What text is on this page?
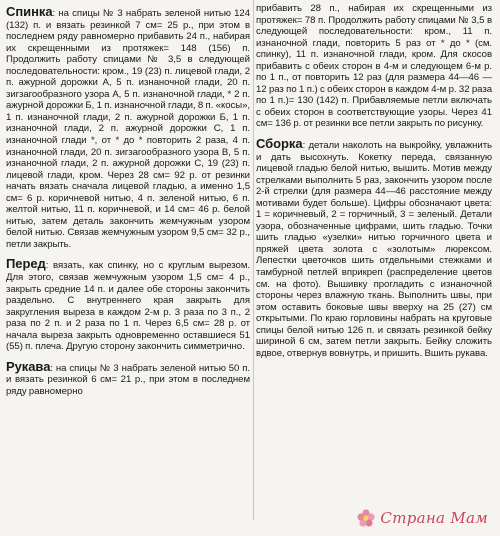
Спинка: на спицы № 3 набрать зеленой нитью 124 (132) п. и вязать резинкой 7 см= 25 р., при этом в последнем ряду равномерно прибавить 24 п., набирая их скрещенными из протяжек= 148 (156) п. Продолжить работу спицами № 3,5 в следующей последовательности: кром., 19 (23) п. лицевой глади, 2 п. ажурной дорожки А, 5 п. изнаночной глади, 20 п. зигзагообразного узора А, 5 п. изнаночной глади, * 2 п. ажурной дорожки Б, 1 п. изнаночной глади, 8 п. «косы», 1 п. изнаночной глади, 2 п. ажурной дорожки Б, 1 п. изнаночной глади, 2 п. ажурной дорожки С, 1 п. изнаночной глади *, от * до * повторить 2 раза, 4 п. изнаночной глади, 20 п. зигзагообразного узора В, 5 п. изнаночной глади, 2 п. ажурной дорожки С, 19 (23) п. лицевой глади, кром. Через 28 см= 92 р. от резинки начать вязать сначала лицевой гладью, а именно 1,5 см= 6 р. коричневой нитью, 4 п. зеленой нитью, 6 п. желтой нитью, 11 п. коричневой, и 14 см= 46 р. белой нитью, затем деталь закончить жемчужным узором белой нитью. Связав жемчужным узором 9,5 см= 32 р., петли закрыть.

Перед: вязать, как спинку, но с круглым вырезом. Для этого, связав жемчужным узором 1,5 см= 4 р., закрыть средние 14 п. и далее обе стороны закончить раздельно. С внутреннего края закрыть для закругления выреза в каждом 2-м р. 3 раза по 3 п., 2 раза по 2 п. и 2 раза по 1 п. Через 6,5 см= 28 р. от начала выреза закрыть одновременно оставшиеся 51 (55) п. плеча. Другую сторону закончить симметрично.

Рукава: на спицы № 3 набрать зеленой нитью 50 п. и вязать резинкой 6 см= 21 р., при этом в последнем ряду равномерно

прибавить 28 п., набирая их скрещенными из протяжек= 78 п. Продолжить работу спицами № 3,5 в следующей последовательности: кром., 11 п. изнаночной глади, повторить 5 раз от * до * (см. спинку), 11 п. изнаночной глади, кром. Для скосов прибавить с обеих сторон в 4-м и следующем 6-м р. по 1 п., от повторить 12 раз (для размера 44—46 — 12 раз по 1 п.) с обеих сторон в каждом 4-м р. 32 раза по 1 п.)= 130 (142) п. Прибавляемые петли включать с обеих сторон в соответствующие узоры. Через 41 см= 136 р. от резинки все петли закрыть по рисунку.

Сборка: детали наколоть на выкройку, увлажнить и дать высохнуть. Кокетку переда, связанную лицевой гладью белой нитью, вышить. Мотив между стрелками выполнить 5 раз, закончить узором после 2-й стрелки (для размера 44—46 расстояние между мотивами будет больше). Цифры обозначают цвета: 1 = коричневый, 2 = горчичный, 3 = зеленый. Детали узора, обозначенные цифрами, шить гладью. Точки шить гладью «узелки» нитью горчичного цвета и пряжей цвета золота с «золотым» люрексом. Лепестки цветочков шить отдельными стежками и тамбурной петлей вприкреп (распределение цветов см. на фото). Вышивку прогладить с изнаночной стороны через влажную ткань. Выполнить швы, при этом оставить боковые швы вверху на 25 (27) см открытыми. По краю горловины набрать на круговые спицы белой нитью 126 п. и связать резинкой бейку шириной 6 см, затем петли закрыть. Бейку сложить вдвое, отвернув вовнутрь, и пришить. Вшить рукава.

Страна Мам
